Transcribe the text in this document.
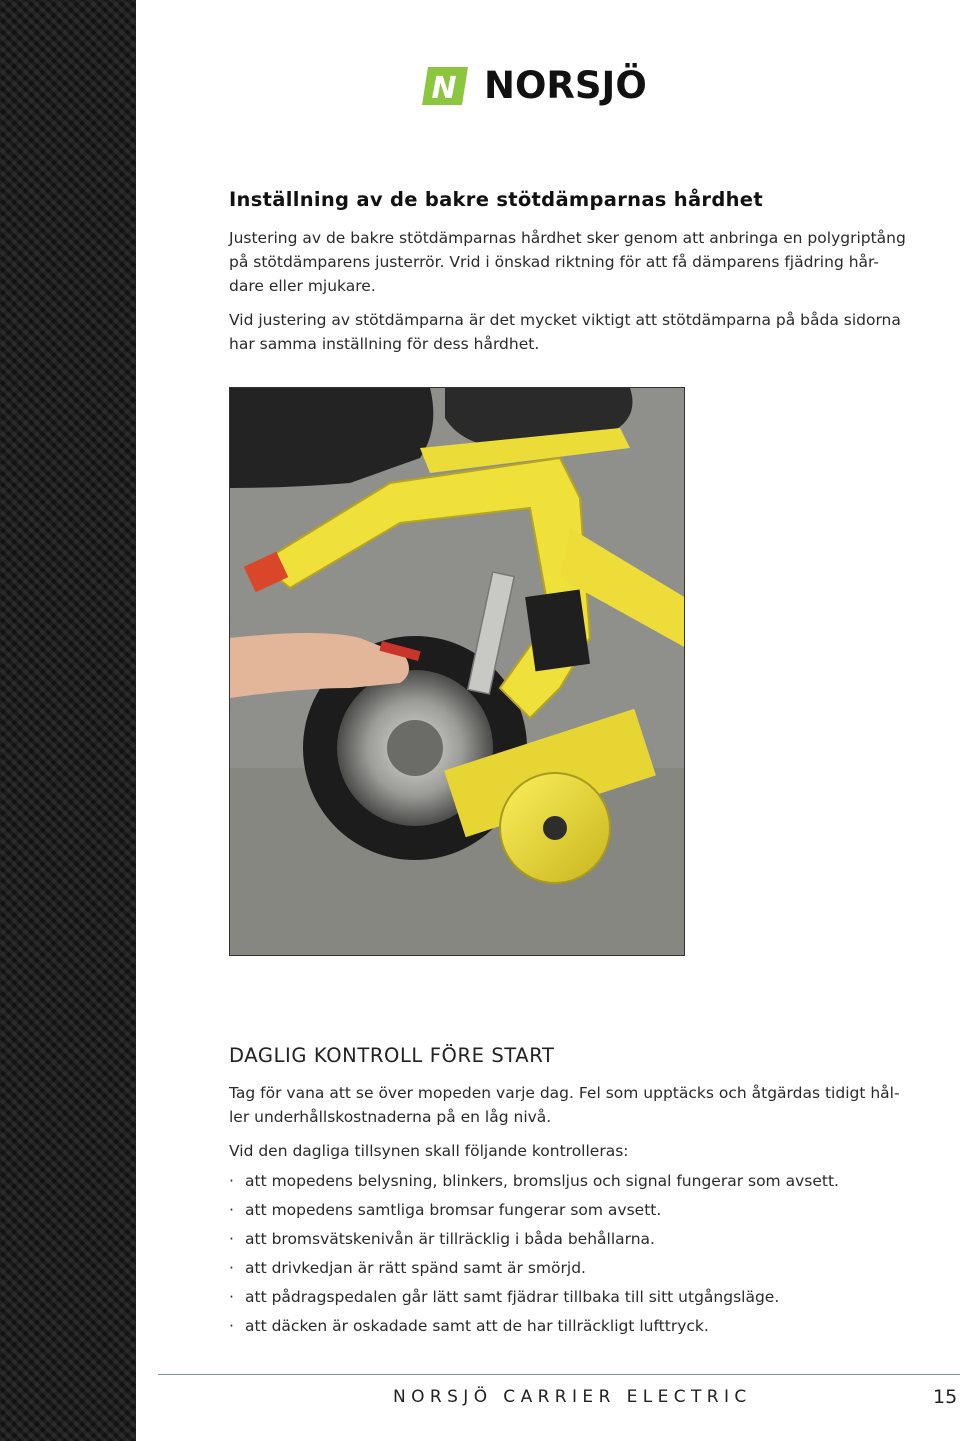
N NORSJÖ
Inställning av de bakre stötdämparnas hårdhet

Justering av de bakre stötdämparnas hårdhet sker genom att anbringa en polygriptång

på stötdämparens justerrör. Vrid i önskad riktning för att få dämparens fjädring hår-

dare eller mjukare.

Vid justering av stötdämparna är det mycket viktigt att stötdämparna på båda sidorna

har samma inställning för dess hårdhet.

DAGLIG KONTROLL FÖRE START

Tag för vana att se över mopeden varje dag. Fel som upptäcks och åtgärdas tidigt hål-

ler underhållskostnaderna på en låg nivå.

Vid den dagliga tillsynen skall följande kontrolleras:

· att mopedens belysning, blinkers, bromsljus och signal fungerar som avsett.
· att mopedens samtliga bromsar fungerar som avsett.
· att bromsvätskenivån är tillräcklig i båda behållarna.
· att drivkedjan är rätt spänd samt är smörjd.
· att pådragspedalen går lätt samt fjädrar tillbaka till sitt utgångsläge.
· att däcken är oskadade samt att de har tillräckligt lufttryck.
NORSJÖ CARRIER ELECTRIC	15
